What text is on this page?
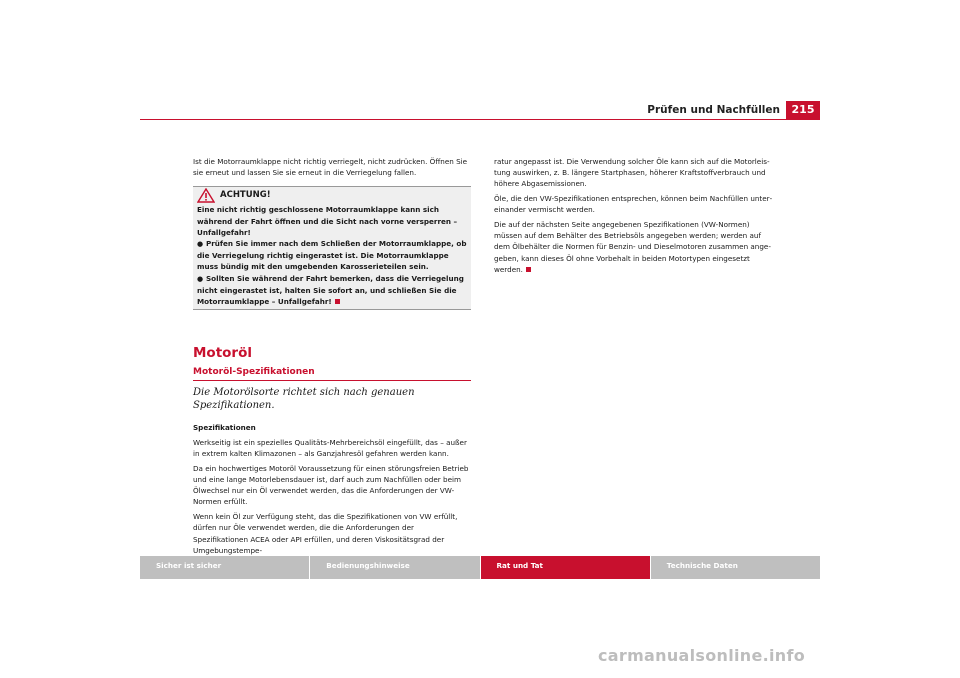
Prüfen und Nachfüllen	215

Ist die Motorraumklappe nicht richtig verriegelt, nicht zudrücken. Öffnen Sie sie erneut und lassen Sie sie erneut in die Verriegelung fallen.

ACHTUNG!

Eine nicht richtig geschlossene Motorraumklappe kann sich während der Fahrt öffnen und die Sicht nach vorne versperren – Unfallgefahr!

● Prüfen Sie immer nach dem Schließen der Motorraumklappe, ob die Verriegelung richtig eingerastet ist. Die Motorraumklappe muss bündig mit den umgebenden Karosserieteilen sein.

● Sollten Sie während der Fahrt bemerken, dass die Verriegelung nicht eingerastet ist, halten Sie sofort an, und schließen Sie die Motorraumklappe – Unfallgefahr!

Motoröl
Motoröl-Spezifikationen
Die Motorölsorte richtet sich nach genauen Spezifikationen.

Spezifikationen

Werkseitig ist ein spezielles Qualitäts-Mehrbereichsöl eingefüllt, das – außer in extrem kalten Klimazonen – als Ganzjahresöl gefahren werden kann.

Da ein hochwertiges Motoröl Voraussetzung für einen störungsfreien Betrieb und eine lange Motorlebensdauer ist, darf auch zum Nachfüllen oder beim Ölwechsel nur ein Öl verwendet werden, das die Anforderungen der VW-Normen erfüllt.

Wenn kein Öl zur Verfügung steht, das die Spezifikationen von VW erfüllt, dürfen nur Öle verwendet werden, die die Anforderungen der Spezifikationen ACEA oder API erfüllen, und deren Viskositätsgrad der Umgebungstempe-

ratur angepasst ist. Die Verwendung solcher Öle kann sich auf die Motorleistung auswirken, z. B. längere Startphasen, höherer Kraftstoffverbrauch und höhere Abgasemissionen.

Öle, die den VW-Spezifikationen entsprechen, können beim Nachfüllen untereinander vermischt werden.

Die auf der nächsten Seite angegebenen Spezifikationen (VW-Normen) müssen auf dem Behälter des Betriebsöls angegeben werden; werden auf dem Ölbehälter die Normen für Benzin- und Dieselmotoren zusammen angegeben, kann dieses Öl ohne Vorbehalt in beiden Motortypen eingesetzt werden.

Sicher ist sicher	Bedienungshinweise	Rat und Tat	Technische Daten
carmanualsonline.info
